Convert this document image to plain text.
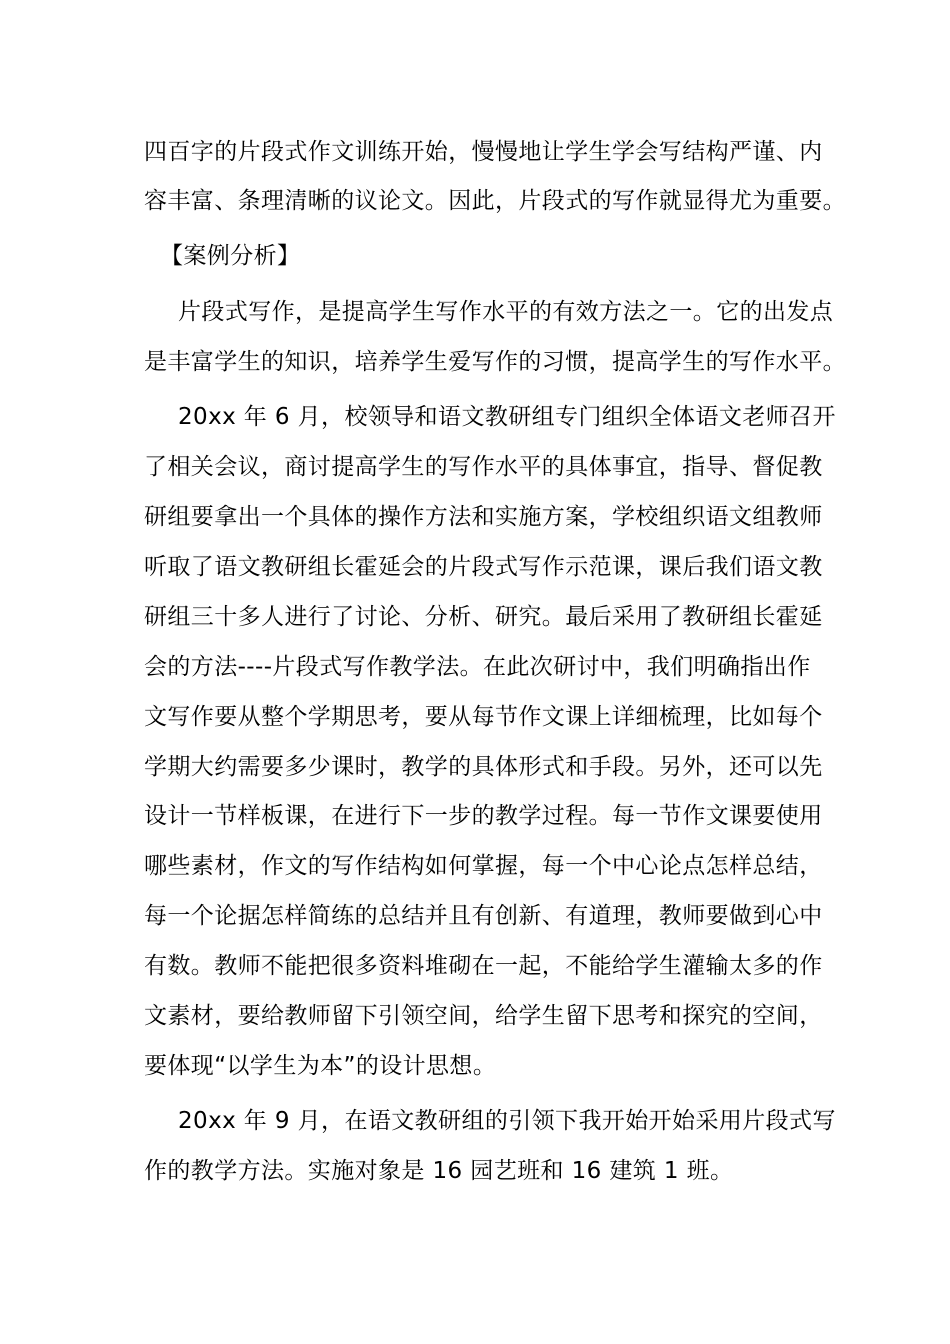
四百字的片段式作文训练开始，慢慢地让学生学会写结构严谨、内
容丰富、条理清晰的议论文。因此，片段式的写作就显得尤为重要。
【案例分析】
片段式写作，是提高学生写作水平的有效方法之一。它的出发点
是丰富学生的知识，培养学生爱写作的习惯，提高学生的写作水平。
20xx 年 6 月，校领导和语文教研组专门组织全体语文老师召开
了相关会议，商讨提高学生的写作水平的具体事宜，指导、督促教
研组要拿出一个具体的操作方法和实施方案，学校组织语文组教师
听取了语文教研组长霍延会的片段式写作示范课，课后我们语文教
研组三十多人进行了讨论、分析、研究。最后采用了教研组长霍延
会的方法----片段式写作教学法。在此次研讨中，我们明确指出作
文写作要从整个学期思考，要从每节作文课上详细梳理，比如每个
学期大约需要多少课时，教学的具体形式和手段。另外，还可以先
设计一节样板课，在进行下一步的教学过程。每一节作文课要使用
哪些素材，作文的写作结构如何掌握，每一个中心论点怎样总结，
每一个论据怎样简练的总结并且有创新、有道理，教师要做到心中
有数。教师不能把很多资料堆砌在一起，不能给学生灌输太多的作
文素材，要给教师留下引领空间，给学生留下思考和探究的空间，
要体现“以学生为本”的设计思想。
20xx 年 9 月，在语文教研组的引领下我开始开始采用片段式写
作的教学方法。实施对象是 16 园艺班和 16 建筑 1 班。
